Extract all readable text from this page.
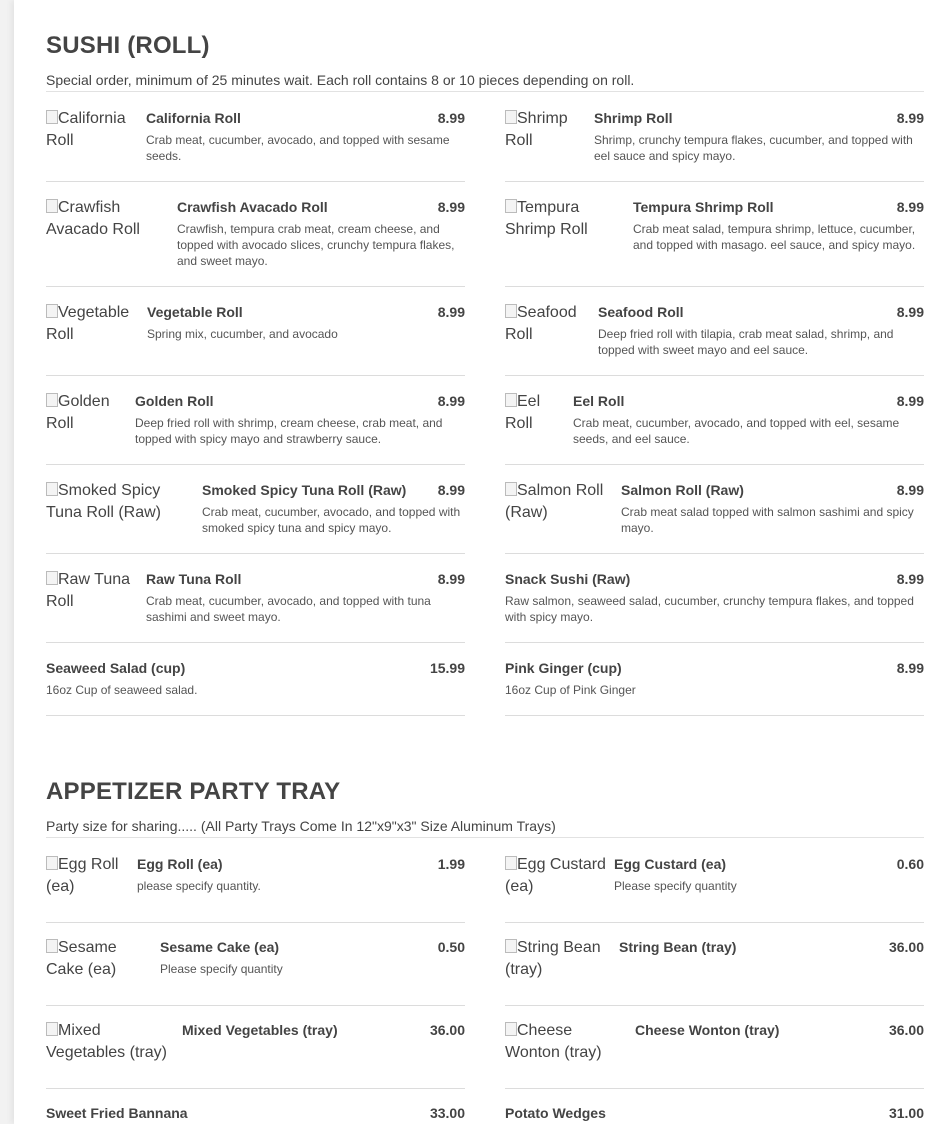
SUSHI (ROLL)
Special order, minimum of 25 minutes wait. Each roll contains 8 or 10 pieces depending on roll.
California Roll
California Roll	8.99
Crab meat, cucumber, avocado, and topped with sesame seeds.
Shrimp Roll
Shrimp Roll	8.99
Shrimp, crunchy tempura flakes, cucumber, and topped with eel sauce and spicy mayo.
Crawfish Avacado Roll
Crawfish Avacado Roll	8.99
Crawfish, tempura crab meat, cream cheese, and topped with avocado slices, crunchy tempura flakes, and sweet mayo.
Tempura Shrimp Roll
Tempura Shrimp Roll	8.99
Crab meat salad, tempura shrimp, lettuce, cucumber, and topped with masago. eel sauce, and spicy mayo.
Vegetable Roll
Vegetable Roll	8.99
Spring mix, cucumber, and avocado
Seafood Roll
Seafood Roll	8.99
Deep fried roll with tilapia, crab meat salad, shrimp, and topped with sweet mayo and eel sauce.
Golden Roll
Golden Roll	8.99
Deep fried roll with shrimp, cream cheese, crab meat, and topped with spicy mayo and strawberry sauce.
Eel Roll
Eel Roll	8.99
Crab meat, cucumber, avocado, and topped with eel, sesame seeds, and eel sauce.
Smoked Spicy Tuna Roll (Raw)
Smoked Spicy Tuna Roll (Raw)	8.99
Crab meat, cucumber, avocado, and topped with smoked spicy tuna and spicy mayo.
Salmon Roll (Raw)
Salmon Roll (Raw)	8.99
Crab meat salad topped with salmon sashimi and spicy mayo.
Raw Tuna Roll
Raw Tuna Roll	8.99
Crab meat, cucumber, avocado, and topped with tuna sashimi and sweet mayo.
Snack Sushi (Raw)	8.99
Raw salmon, seaweed salad, cucumber, crunchy tempura flakes, and topped with spicy mayo.
Seaweed Salad (cup)	15.99
16oz Cup of seaweed salad.
Pink Ginger (cup)	8.99
16oz Cup of Pink Ginger
APPETIZER PARTY TRAY
Party size for sharing..... (All Party Trays Come In 12"x9"x3" Size Aluminum Trays)
Egg Roll (ea)
Egg Roll (ea)	1.99
please specify quantity.
Egg Custard (ea)
Egg Custard (ea)	0.60
Please specify quantity
Sesame Cake (ea)
Sesame Cake (ea)	0.50
Please specify quantity
String Bean (tray)
String Bean (tray)	36.00
Mixed Vegetables (tray)
Mixed Vegetables (tray)	36.00	Cheese Wonton (tray)
Cheese Wonton (tray)	36.00
Sweet Fried Bannana	33.00	Potato Wedges	31.00
